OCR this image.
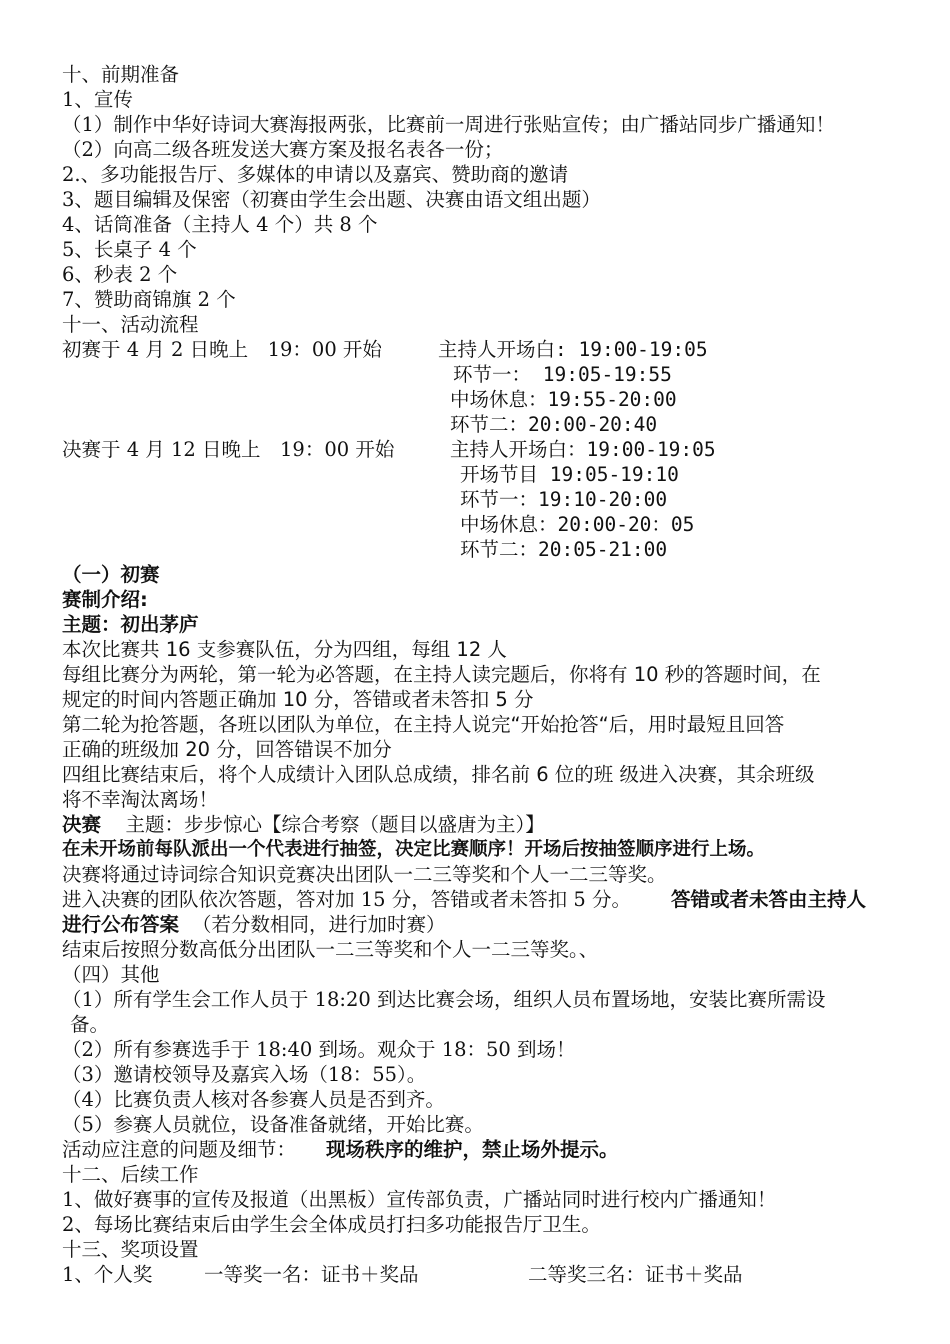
十、前期准备
1、宣传
（1）制作中华好诗词大赛海报两张，比赛前一周进行张贴宣传；由广播站同步广播通知！
（2）向高二级各班发送大赛方案及报名表各一份；
2.、多功能报告厅、多媒体的申请以及嘉宾、赞助商的邀请
3、题目编辑及保密（初赛由学生会出题、决赛由语文组出题）
4、话筒准备（主持人 4 个）共 8 个
5、长桌子 4 个
6、秒表 2 个
7、赞助商锦旗 2 个
十一、活动流程
初赛于 4 月 2 日晚上　19：00 开始	主持人开场白: 19:00-19:05
环节一： 19:05-19:55
中场休息：19:55-20:00
环节二：20:00-20:40
决赛于 4 月 12 日晚上　19：00 开始	主持人开场白：19:00-19:05
开场节目 19:05-19:10
环节一：19:10-20:00
中场休息：20:00-20：05
环节二：20:05-21:00
（一）初赛
赛制介绍:
主题：初出茅庐
本次比赛共 16 支参赛队伍，分为四组，每组 12 人
每组比赛分为两轮，第一轮为必答题，在主持人读完题后，你将有 10 秒的答题时间，在
规定的时间内答题正确加 10 分，答错或者未答扣 5 分
第二轮为抢答题，各班以团队为单位，在主持人说完“开始抢答“后，用时最短且回答
正确的班级加 20 分，回答错误不加分
四组比赛结束后，将个人成绩计入团队总成绩，排名前 6 位的班 级进入决赛，其余班级
将不幸淘汰离场！
决赛 　主题：步步惊心【综合考察（题目以盛唐为主）】
在未开场前每队派出一个代表进行抽签，决定比赛顺序！开场后按抽签顺序进行上场。
决赛将通过诗词综合知识竞赛决出团队一二三等奖和个人一二三等奖。
进入决赛的团队依次答题，答对加 15 分，答错或者未答扣 5 分。 答错或者未答由主持人
进行公布答案 （若分数相同，进行加时赛）
结束后按照分数高低分出团队一二三等奖和个人一二三等奖。、
（四）其他
（1）所有学生会工作人员于 18:20 到达比赛会场，组织人员布置场地，安装比赛所需设
备。
（2）所有参赛选手于 18:40 到场。观众于 18：50 到场！
（3）邀请校领导及嘉宾入场（18：55）。
（4）比赛负责人核对各参赛人员是否到齐。
（5）参赛人员就位，设备准备就绪，开始比赛。
活动应注意的问题及细节： 现场秩序的维护，禁止场外提示。
十二、后续工作
1、做好赛事的宣传及报道（出黑板）宣传部负责，广播站同时进行校内广播通知！
2、每场比赛结束后由学生会全体成员打扫多功能报告厅卫生。
十三、奖项设置
1、个人奖	一等奖一名：证书＋奖品	二等奖三名：证书＋奖品
